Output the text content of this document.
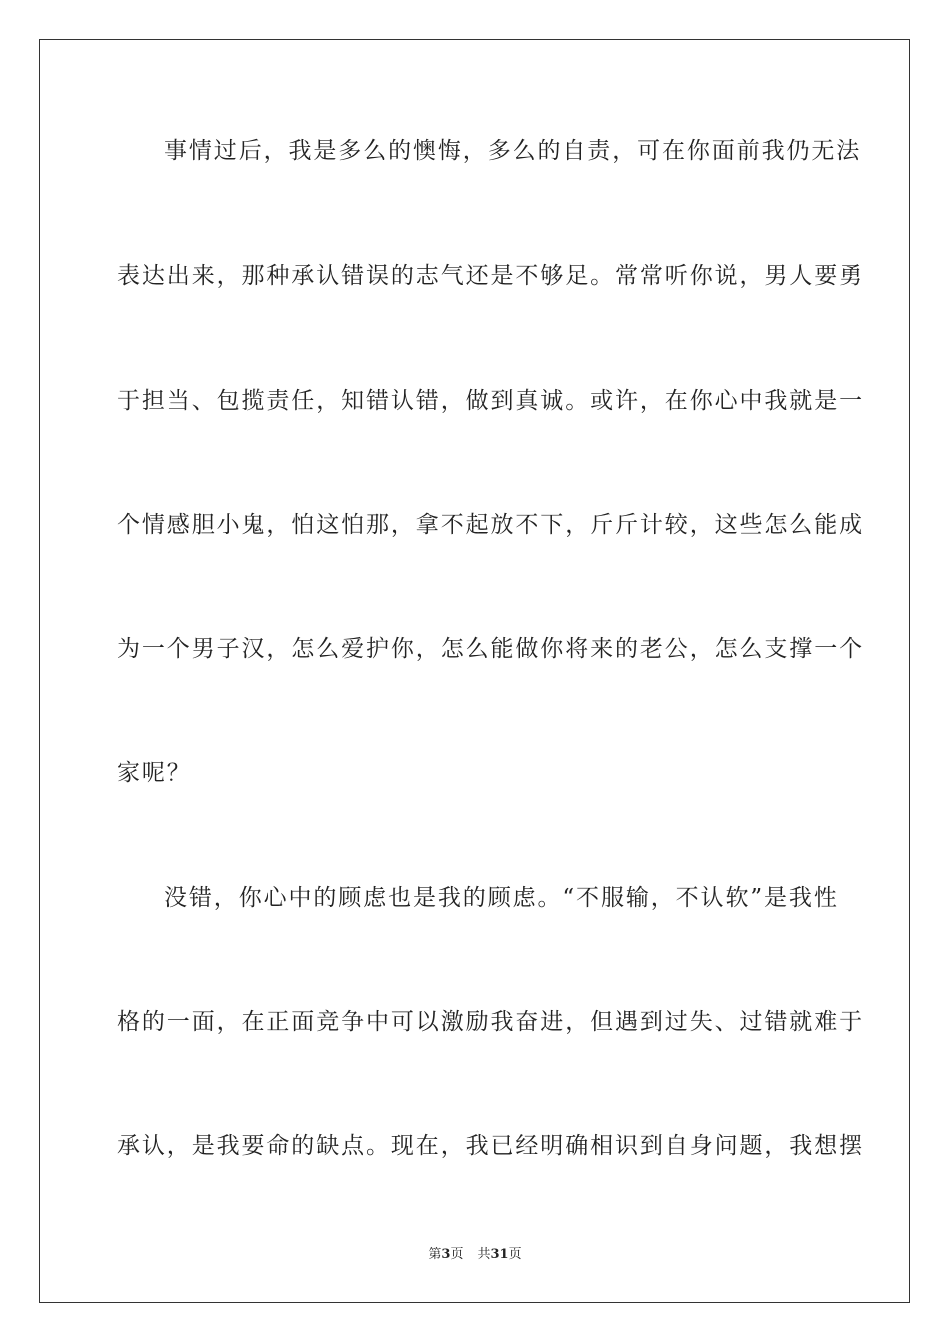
事情过后，我是多么的懊悔，多么的自责，可在你面前我仍无法
表达出来，那种承认错误的志气还是不够足。常常听你说，男人要勇
于担当、包揽责任，知错认错，做到真诚。或许，在你心中我就是一
个情感胆小鬼，怕这怕那，拿不起放不下，斤斤计较，这些怎么能成
为一个男子汉，怎么爱护你，怎么能做你将来的老公，怎么支撑一个
家呢？
没错，你心中的顾虑也是我的顾虑。“不服输，不认软”是我性
格的一面，在正面竞争中可以激励我奋进，但遇到过失、过错就难于
承认，是我要命的缺点。现在，我已经明确相识到自身问题，我想摆
第3页 共31页
